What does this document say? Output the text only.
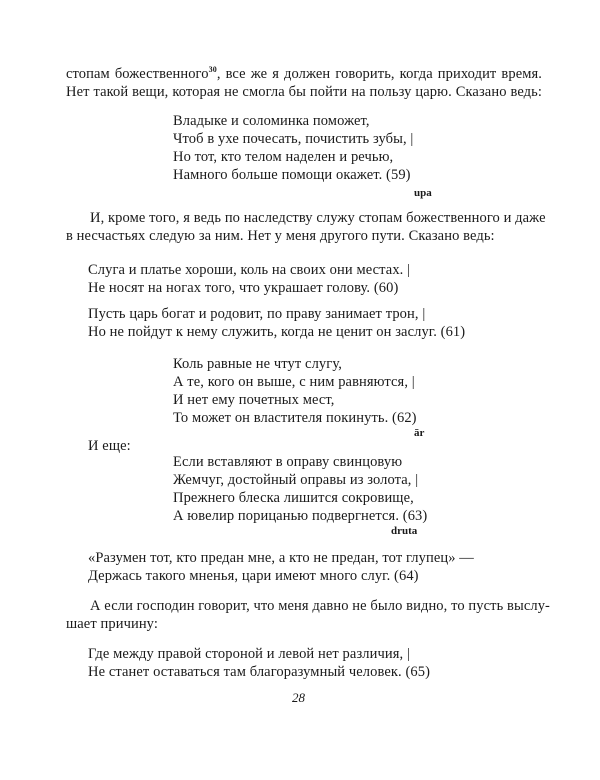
стопам божественного$^{30}$, все же я должен говорить, когда приходит время.
Нет такой вещи, которая не смогла бы пойти на пользу царю. Сказано ведь:
Владыке и соломинка поможет,
Чтоб в ухе почесать, почистить зубы, |
Но тот, кто телом наделен и речью,
Намного больше помощи окажет. (59)
upa
И, кроме того, я ведь по наследству служу стопам божественного и даже
в несчастьях следую за ним. Нет у меня другого пути. Сказано ведь:
Слуга и платье хороши, коль на своих они местах. |
Не носят на ногах того, что украшает голову. (60)
Пусть царь богат и родовит, по праву занимает трон, |
Но не пойдут к нему служить, когда не ценит он заслуг. (61)
Коль равные не чтут слугу,
А те, кого он выше, с ним равняются, |
И нет ему почетных мест,
То может он властителя покинуть. (62)
ār
И еще:
Если вставляют в оправу свинцовую
Жемчуг, достойный оправы из золота, |
Прежнего блеска лишится сокровище,
А ювелир порицанью подвергнется. (63)
druta
«Разумен тот, кто предан мне, а кто не предан, тот глупец» —
Держась такого мненья, цари имеют много слуг. (64)
А если господин говорит, что меня давно не было видно, то пусть выслу-
шает причину:
Где между правой стороной и левой нет различия, |
Не станет оставаться там благоразумный человек. (65)
28
